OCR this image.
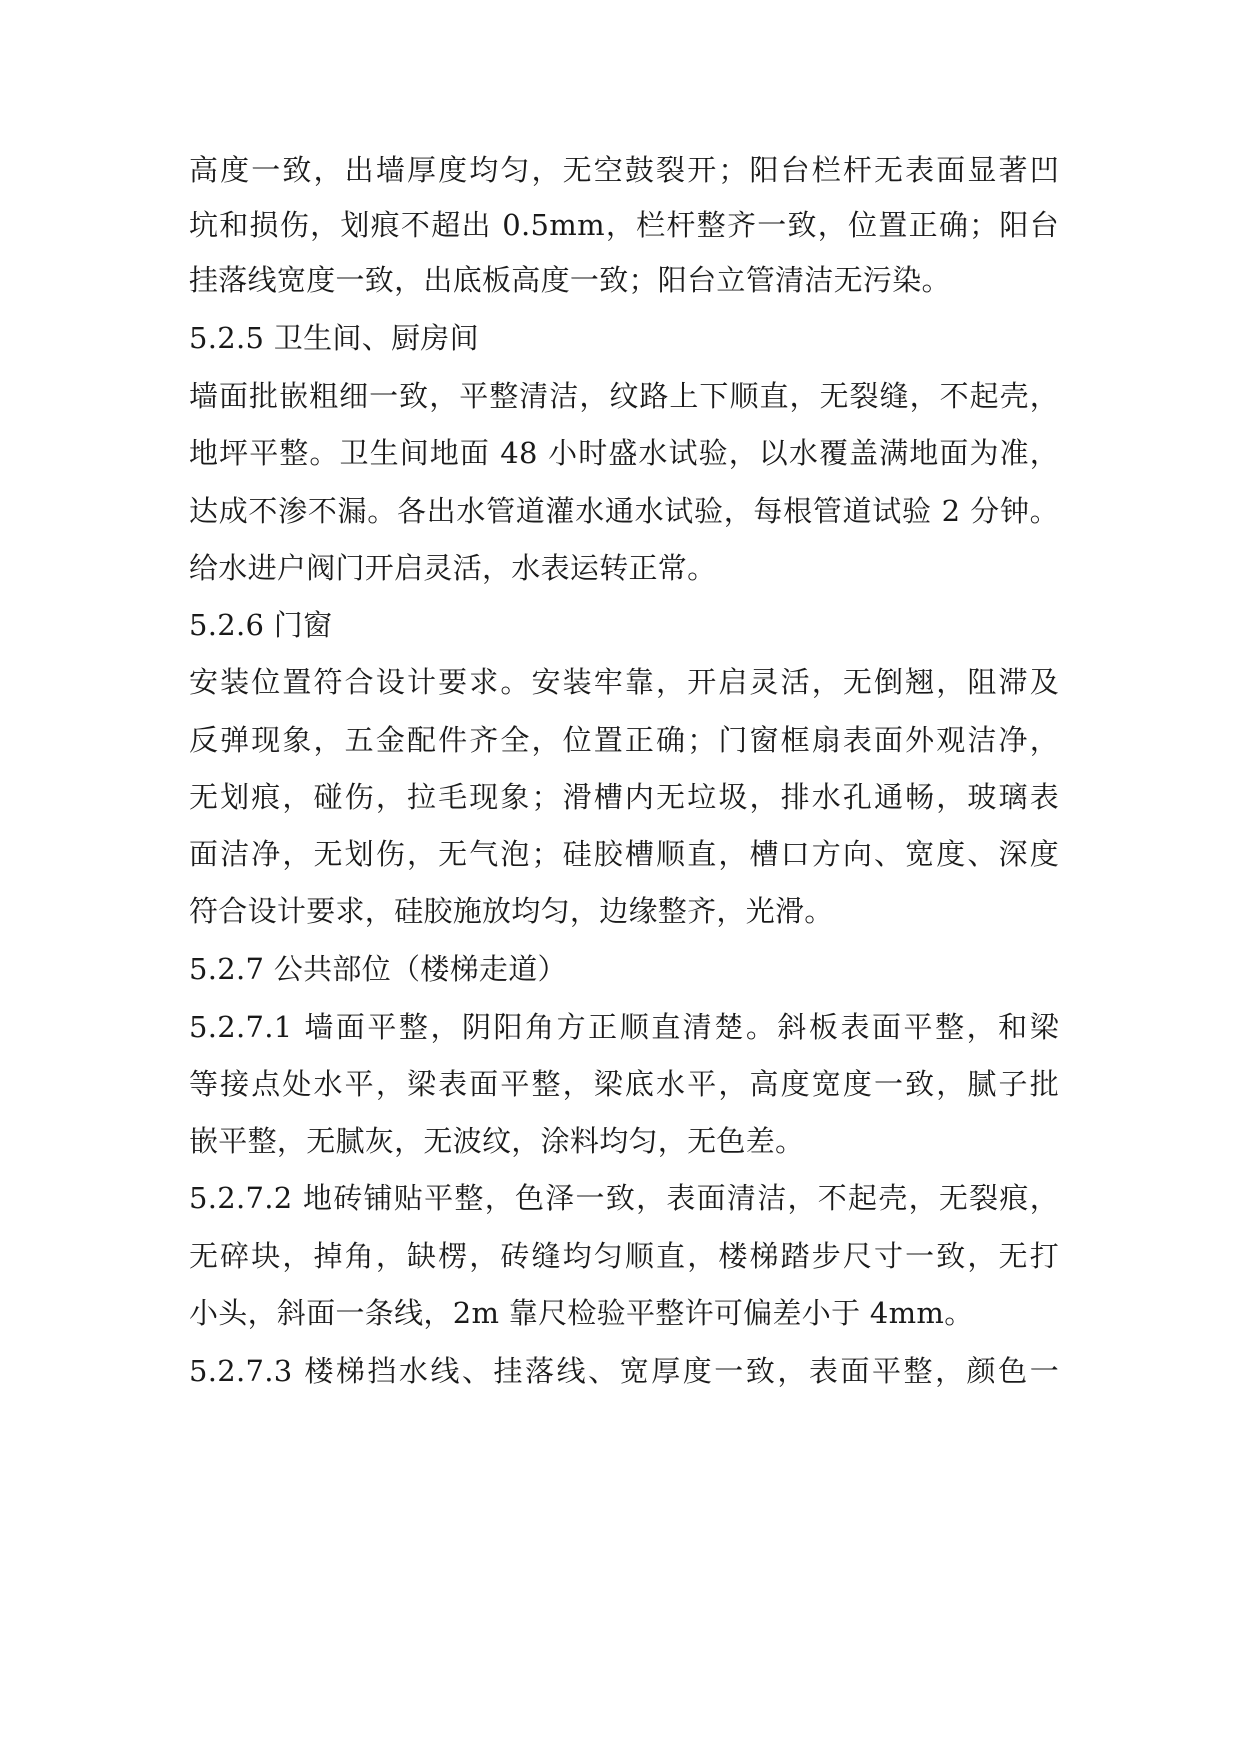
高度一致，出墙厚度均匀，无空鼓裂开；阳台栏杆无表面显著凹
坑和损伤，划痕不超出 0.5mm，栏杆整齐一致，位置正确；阳台
挂落线宽度一致，出底板高度一致；阳台立管清洁无污染。
5.2.5 卫生间、厨房间
墙面批嵌粗细一致，平整清洁，纹路上下顺直，无裂缝，不起壳，
地坪平整。卫生间地面 48 小时盛水试验，以水覆盖满地面为准，
达成不渗不漏。各出水管道灌水通水试验，每根管道试验 2 分钟。
给水进户阀门开启灵活，水表运转正常。
5.2.6 门窗
安装位置符合设计要求。安装牢靠，开启灵活，无倒翘，阻滞及
反弹现象，五金配件齐全，位置正确；门窗框扇表面外观洁净，
无划痕，碰伤，拉毛现象；滑槽内无垃圾，排水孔通畅，玻璃表
面洁净，无划伤，无气泡；硅胶槽顺直，槽口方向、宽度、深度
符合设计要求，硅胶施放均匀，边缘整齐，光滑。
5.2.7 公共部位（楼梯走道）
5.2.7.1 墙面平整，阴阳角方正顺直清楚。斜板表面平整，和梁
等接点处水平，梁表面平整，梁底水平，高度宽度一致，腻子批
嵌平整，无腻灰，无波纹，涂料均匀，无色差。
5.2.7.2 地砖铺贴平整，色泽一致，表面清洁，不起壳，无裂痕，
无碎块，掉角，缺楞，砖缝均匀顺直，楼梯踏步尺寸一致，无打
小头，斜面一条线，2m 靠尺检验平整许可偏差小于 4mm。
5.2.7.3 楼梯挡水线、挂落线、宽厚度一致，表面平整，颜色一
